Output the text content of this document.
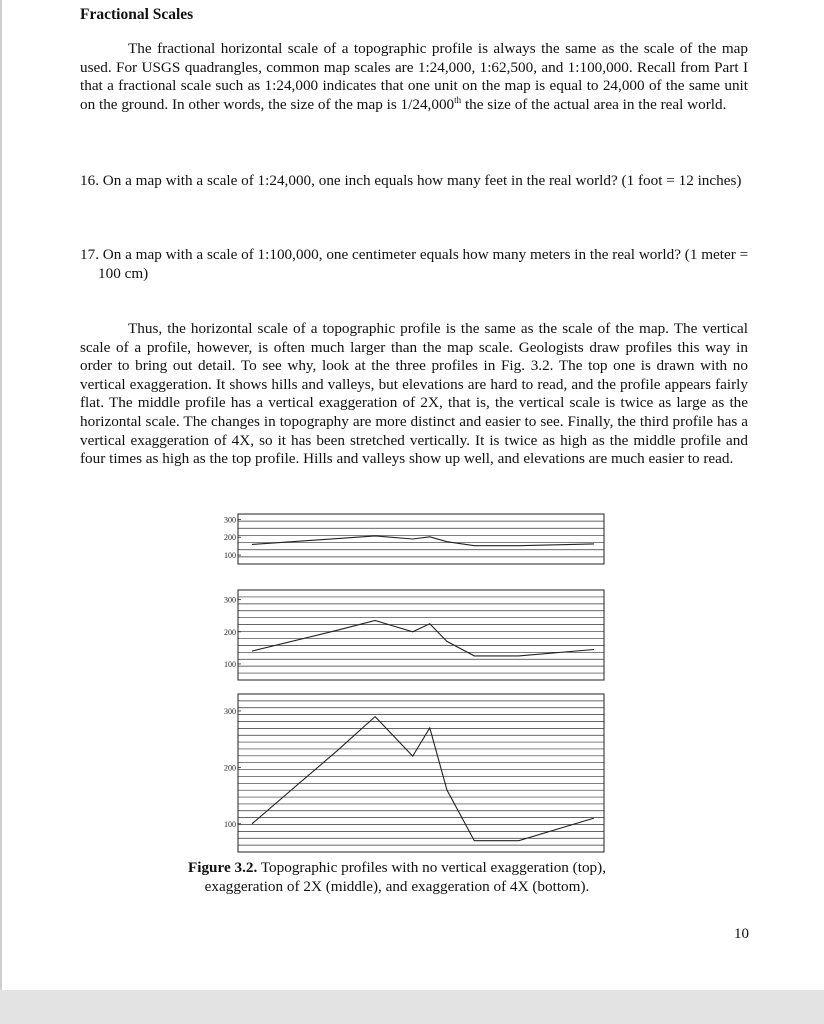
Fractional Scales

The fractional horizontal scale of a topographic profile is always the same as the scale of the map used. For USGS quadrangles, common map scales are 1:24,000, 1:62,500, and 1:100,000. Recall from Part I that a fractional scale such as 1:24,000 indicates that one unit on the map is equal to 24,000 of the same unit on the ground. In other words, the size of the map is 1/24,000th the size of the actual area in the real world.

16. On a map with a scale of 1:24,000, one inch equals how many feet in the real world? (1 foot = 12 inches)

17. On a map with a scale of 1:100,000, one centimeter equals how many meters in the real world? (1 meter = 100 cm)

Thus, the horizontal scale of a topographic profile is the same as the scale of the map. The vertical scale of a profile, however, is often much larger than the map scale. Geologists draw profiles this way in order to bring out detail. To see why, look at the three profiles in Fig. 3.2. The top one is drawn with no vertical exaggeration. It shows hills and valleys, but elevations are hard to read, and the profile appears fairly flat. The middle profile has a vertical exaggeration of 2X, that is, the vertical scale is twice as large as the horizontal scale. The changes in topography are more distinct and easier to see. Finally, the third profile has a vertical exaggeration of 4X, so it has been stretched vertically. It is twice as high as the middle profile and four times as high as the top profile. Hills and valleys show up well, and elevations are much easier to read.

100
200
300
100
200
300
100
200
300
Figure 3.2. Topographic profiles with no vertical exaggeration (top), exaggeration of 2X (middle), and exaggeration of 4X (bottom).
10
